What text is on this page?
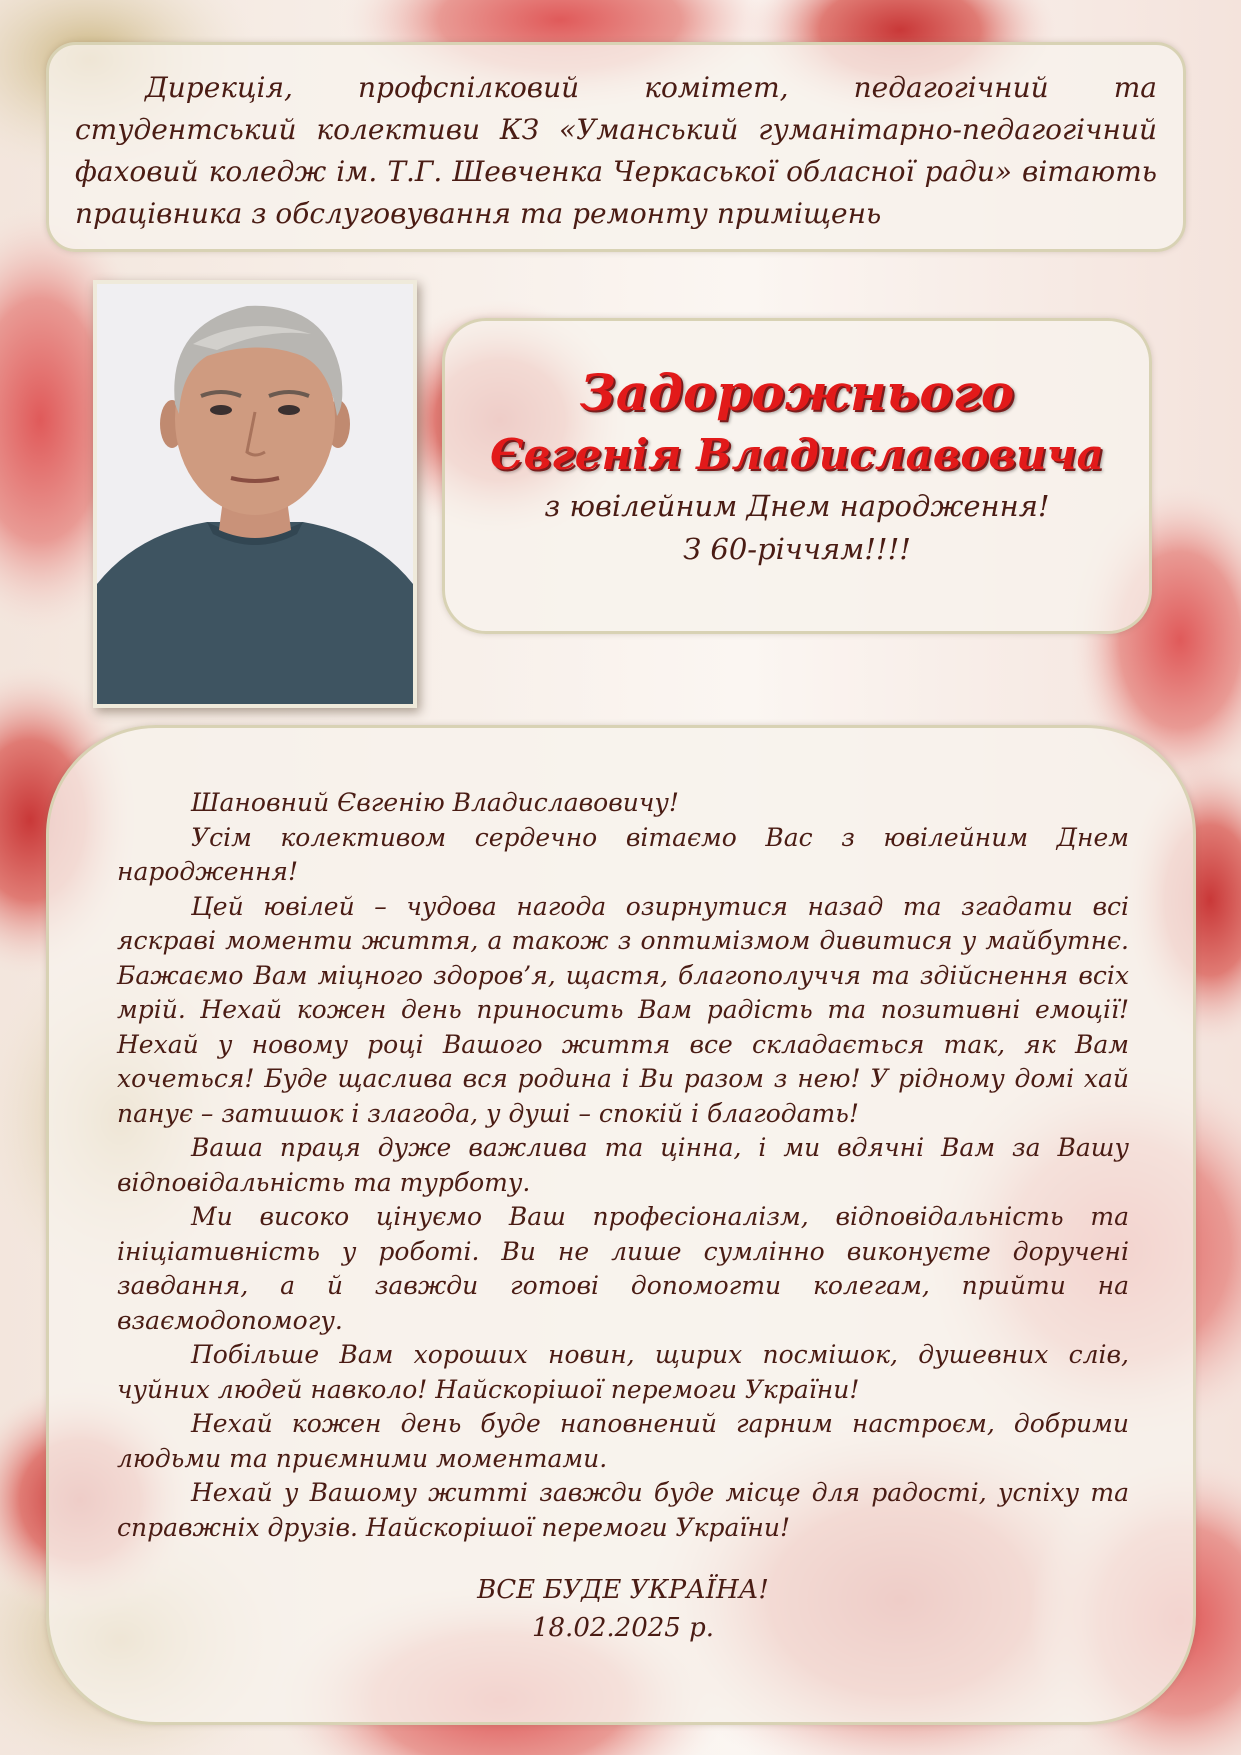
Дирекція, профспілковий комітет, педагогічний та студентський колективи КЗ «Уманський гуманітарно-педагогічний фаховий коледж ім. Т.Г. Шевченка Черкаської обласної ради» вітають працівника з обслуговування та ремонту приміщень

Задорожнього

Євгенія Владиславовича

з ювілейним Днем народження!

З 60-річчям!!!!

Шановний Євгенію Владиславовичу!

Усім колективом сердечно вітаємо Вас з ювілейним Днем народження!

Цей ювілей – чудова нагода озирнутися назад та згадати всі яскраві моменти життя, а також з оптимізмом дивитися у майбутнє. Бажаємо Вам міцного здоров’я, щастя, благополуччя та здійснення всіх мрій. Нехай кожен день приносить Вам радість та позитивні емоції! Нехай у новому році Вашого життя все складається так, як Вам хочеться! Буде щаслива вся родина і Ви разом з нею! У рідному домі хай панує – затишок і злагода, у душі – спокій і благодать!

Ваша праця дуже важлива та цінна, і ми вдячні Вам за Вашу відповідальність та турботу.

Ми високо цінуємо Ваш професіоналізм, відповідальність та ініціативність у роботі. Ви не лише сумлінно виконуєте доручені завдання, а й завжди готові допомогти колегам, прийти на взаємодопомогу.

Побільше Вам хороших новин, щирих посмішок, душевних слів, чуйних людей навколо! Найскорішої перемоги України!

Нехай кожен день буде наповнений гарним настроєм, добрими людьми та приємними моментами.

Нехай у Вашому житті завжди буде місце для радості, успіху та справжніх друзів. Найскорішої перемоги України!

ВСЕ БУДЕ УКРАЇНА!

18.02.2025 р.
